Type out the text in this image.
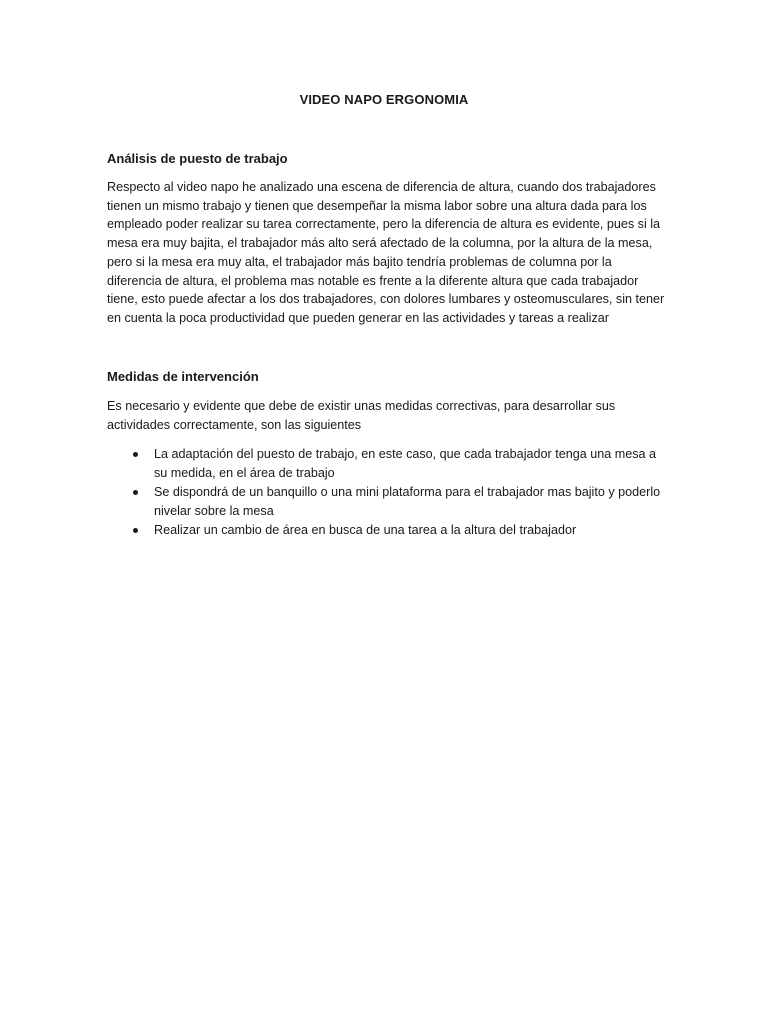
VIDEO NAPO ERGONOMIA
Análisis de puesto de trabajo

Respecto al video napo he analizado una escena de diferencia de altura, cuando dos trabajadores tienen un mismo trabajo y tienen que desempeñar la misma labor sobre una altura dada para los empleado poder realizar su tarea correctamente, pero la diferencia de altura es evidente, pues si la mesa era muy bajita, el trabajador más alto será afectado de la columna, por la altura de la mesa, pero si la mesa era muy alta, el trabajador más bajito tendría problemas de columna por la diferencia de altura, el problema mas notable es frente a la diferente altura que cada trabajador tiene, esto puede afectar a los dos trabajadores, con dolores lumbares y osteomusculares, sin tener en cuenta la poca productividad que pueden generar en las actividades y tareas a realizar

Medidas de intervención

Es necesario y evidente que debe de existir unas medidas correctivas, para desarrollar sus actividades correctamente, son las siguientes

La adaptación del puesto de trabajo, en este caso, que cada trabajador tenga una mesa a su medida, en el área de trabajo
Se dispondrá de un banquillo o una mini plataforma para el trabajador mas bajito y poderlo nivelar sobre la mesa
Realizar un cambio de área en busca de una tarea a la altura del trabajador
